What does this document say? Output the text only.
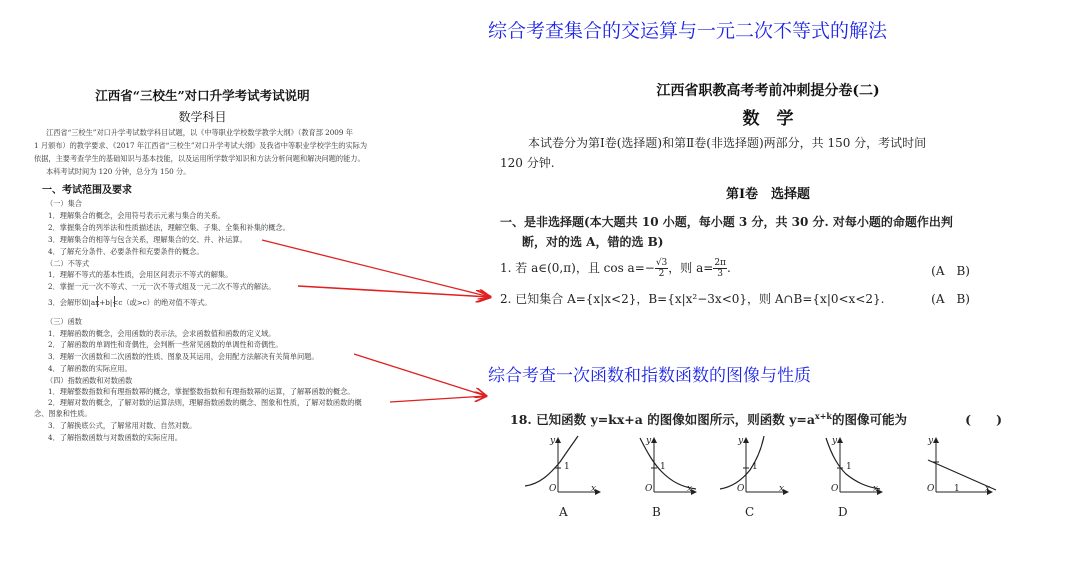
综合考查集合的交运算与一元二次不等式的解法
江西省“三校生”对口升学考试考试说明
数学科目
江西省“三校生”对口升学考试数学科目试题，以《中等职业学校数学教学大纲》（教育部 2009 年
1 月颁布）的教学要求、《2017 年江西省“三校生”对口升学考试大纲》及我省中等职业学校学生的实际为
依据，主要考查学生的基础知识与基本技能，以及运用所学数学知识和方法分析问题和解决问题的能力。
本科考试时间为 120 分钟，总分为 150 分。
一、考试范围及要求
（一）集合
1．理解集合的概念，会用符号表示元素与集合的关系。
2．掌握集合的列举法和性质描述法，理解空集、子集、全集和补集的概念。
3．理解集合的相等与包含关系，理解集合的交、并、补运算。
4．了解充分条件、必要条件和充要条件的概念。
（二）不等式
1．理解不等式的基本性质，会用区间表示不等式的解集。
2．掌握一元一次不等式、一元一次不等式组及一元二次不等式的解法。
3．会解形如|ax+b|<c（或>c）的绝对值不等式。
（三）函数
1．理解函数的概念，会用函数的表示法，会求函数值和函数的定义域。
2．了解函数的单调性和奇偶性，会判断一些常见函数的单调性和奇偶性。
3．理解一次函数和二次函数的性质、图象及其运用，会用配方法解决有关简单问题。
4．了解函数的实际应用。
（四）指数函数和对数函数
1．理解整数指数和有理指数幂的概念，掌握整数指数和有理指数幂的运算，了解幂函数的概念。
2．理解对数的概念，了解对数的运算法则，理解指数函数的概念、图象和性质，了解对数函数的概
念、图象和性质。
3．了解换底公式，了解常用对数、自然对数。
4．了解指数函数与对数函数的实际应用。
江西省职教高考考前冲刺提分卷(二)
数　学
本试卷分为第Ⅰ卷(选择题)和第Ⅱ卷(非选择题)两部分，共 150 分，考试时间
120 分钟.
第Ⅰ卷　选择题
一、是非选择题(本大题共 10 小题，每小题 3 分，共 30 分. 对每小题的命题作出判
断，对的选 A，错的选 B)
1. 若 a∈(0,π)，且 $\cos a=- \frac{√3}{2}$ ，则 $a= \frac{2\pi}{3}$ .	(A　B)
2. 已知集合 A={x|x<2}，B={x|x²−3x<0}，则 A∩B={x|0<x<2}.	(A　B)
综合考查一次函数和指数函数的图像与性质
18. 已知函数 y=kx+a 的图像如图所示，则函数 $y=a^{x+k}$的图像可能为	(　　)
y
x
O
1
y
x
O
1
y
x
O
1
y
x
O
1
y
x
O 1
A	B	C	D
